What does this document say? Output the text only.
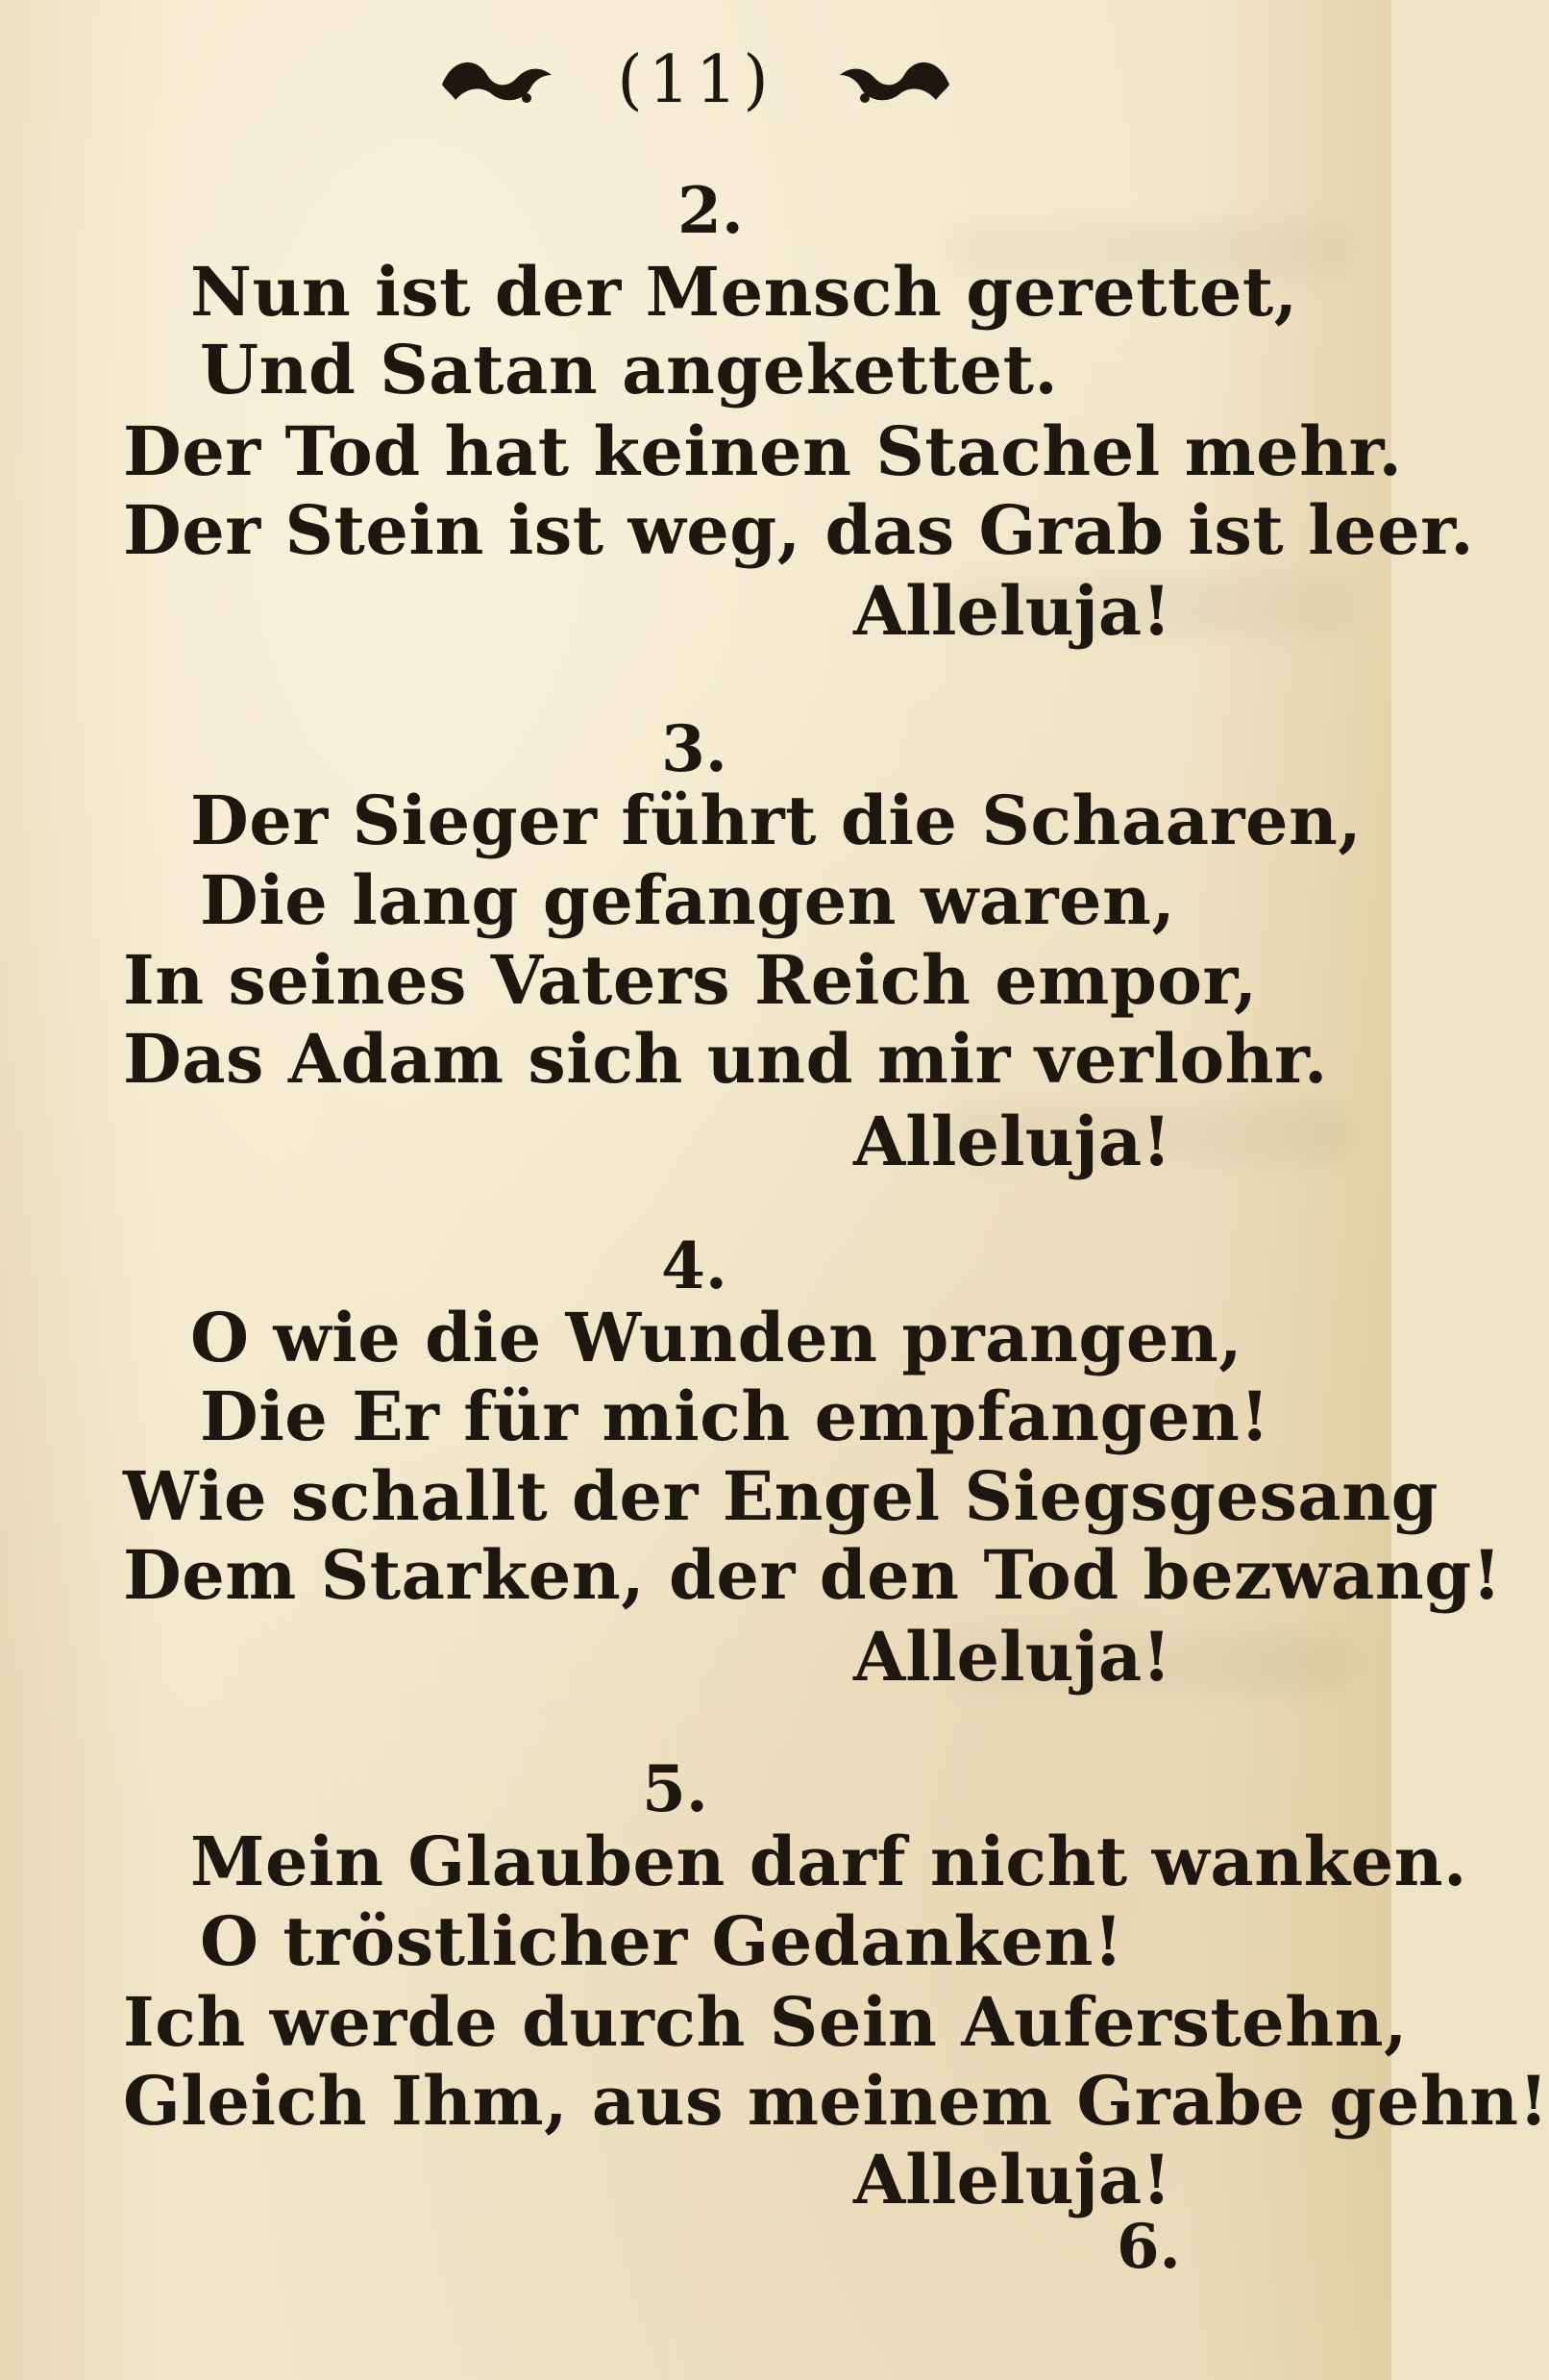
(11)
2.
Nun ist der Mensch gerettet,
Und Satan angekettet.
Der Tod hat keinen Stachel mehr.
Der Stein ist weg, das Grab ist leer.
Alleluja!
3.
Der Sieger führt die Schaaren,
Die lang gefangen waren,
In seines Vaters Reich empor,
Das Adam sich und mir verlohr.
Alleluja!
4.
O wie die Wunden prangen,
Die Er für mich empfangen!
Wie schallt der Engel Siegsgesang
Dem Starken, der den Tod bezwang!
Alleluja!
5.
Mein Glauben darf nicht wanken.
O tröstlicher Gedanken!
Ich werde durch Sein Auferstehn,
Gleich Ihm, aus meinem Grabe gehn!
Alleluja!
6.
